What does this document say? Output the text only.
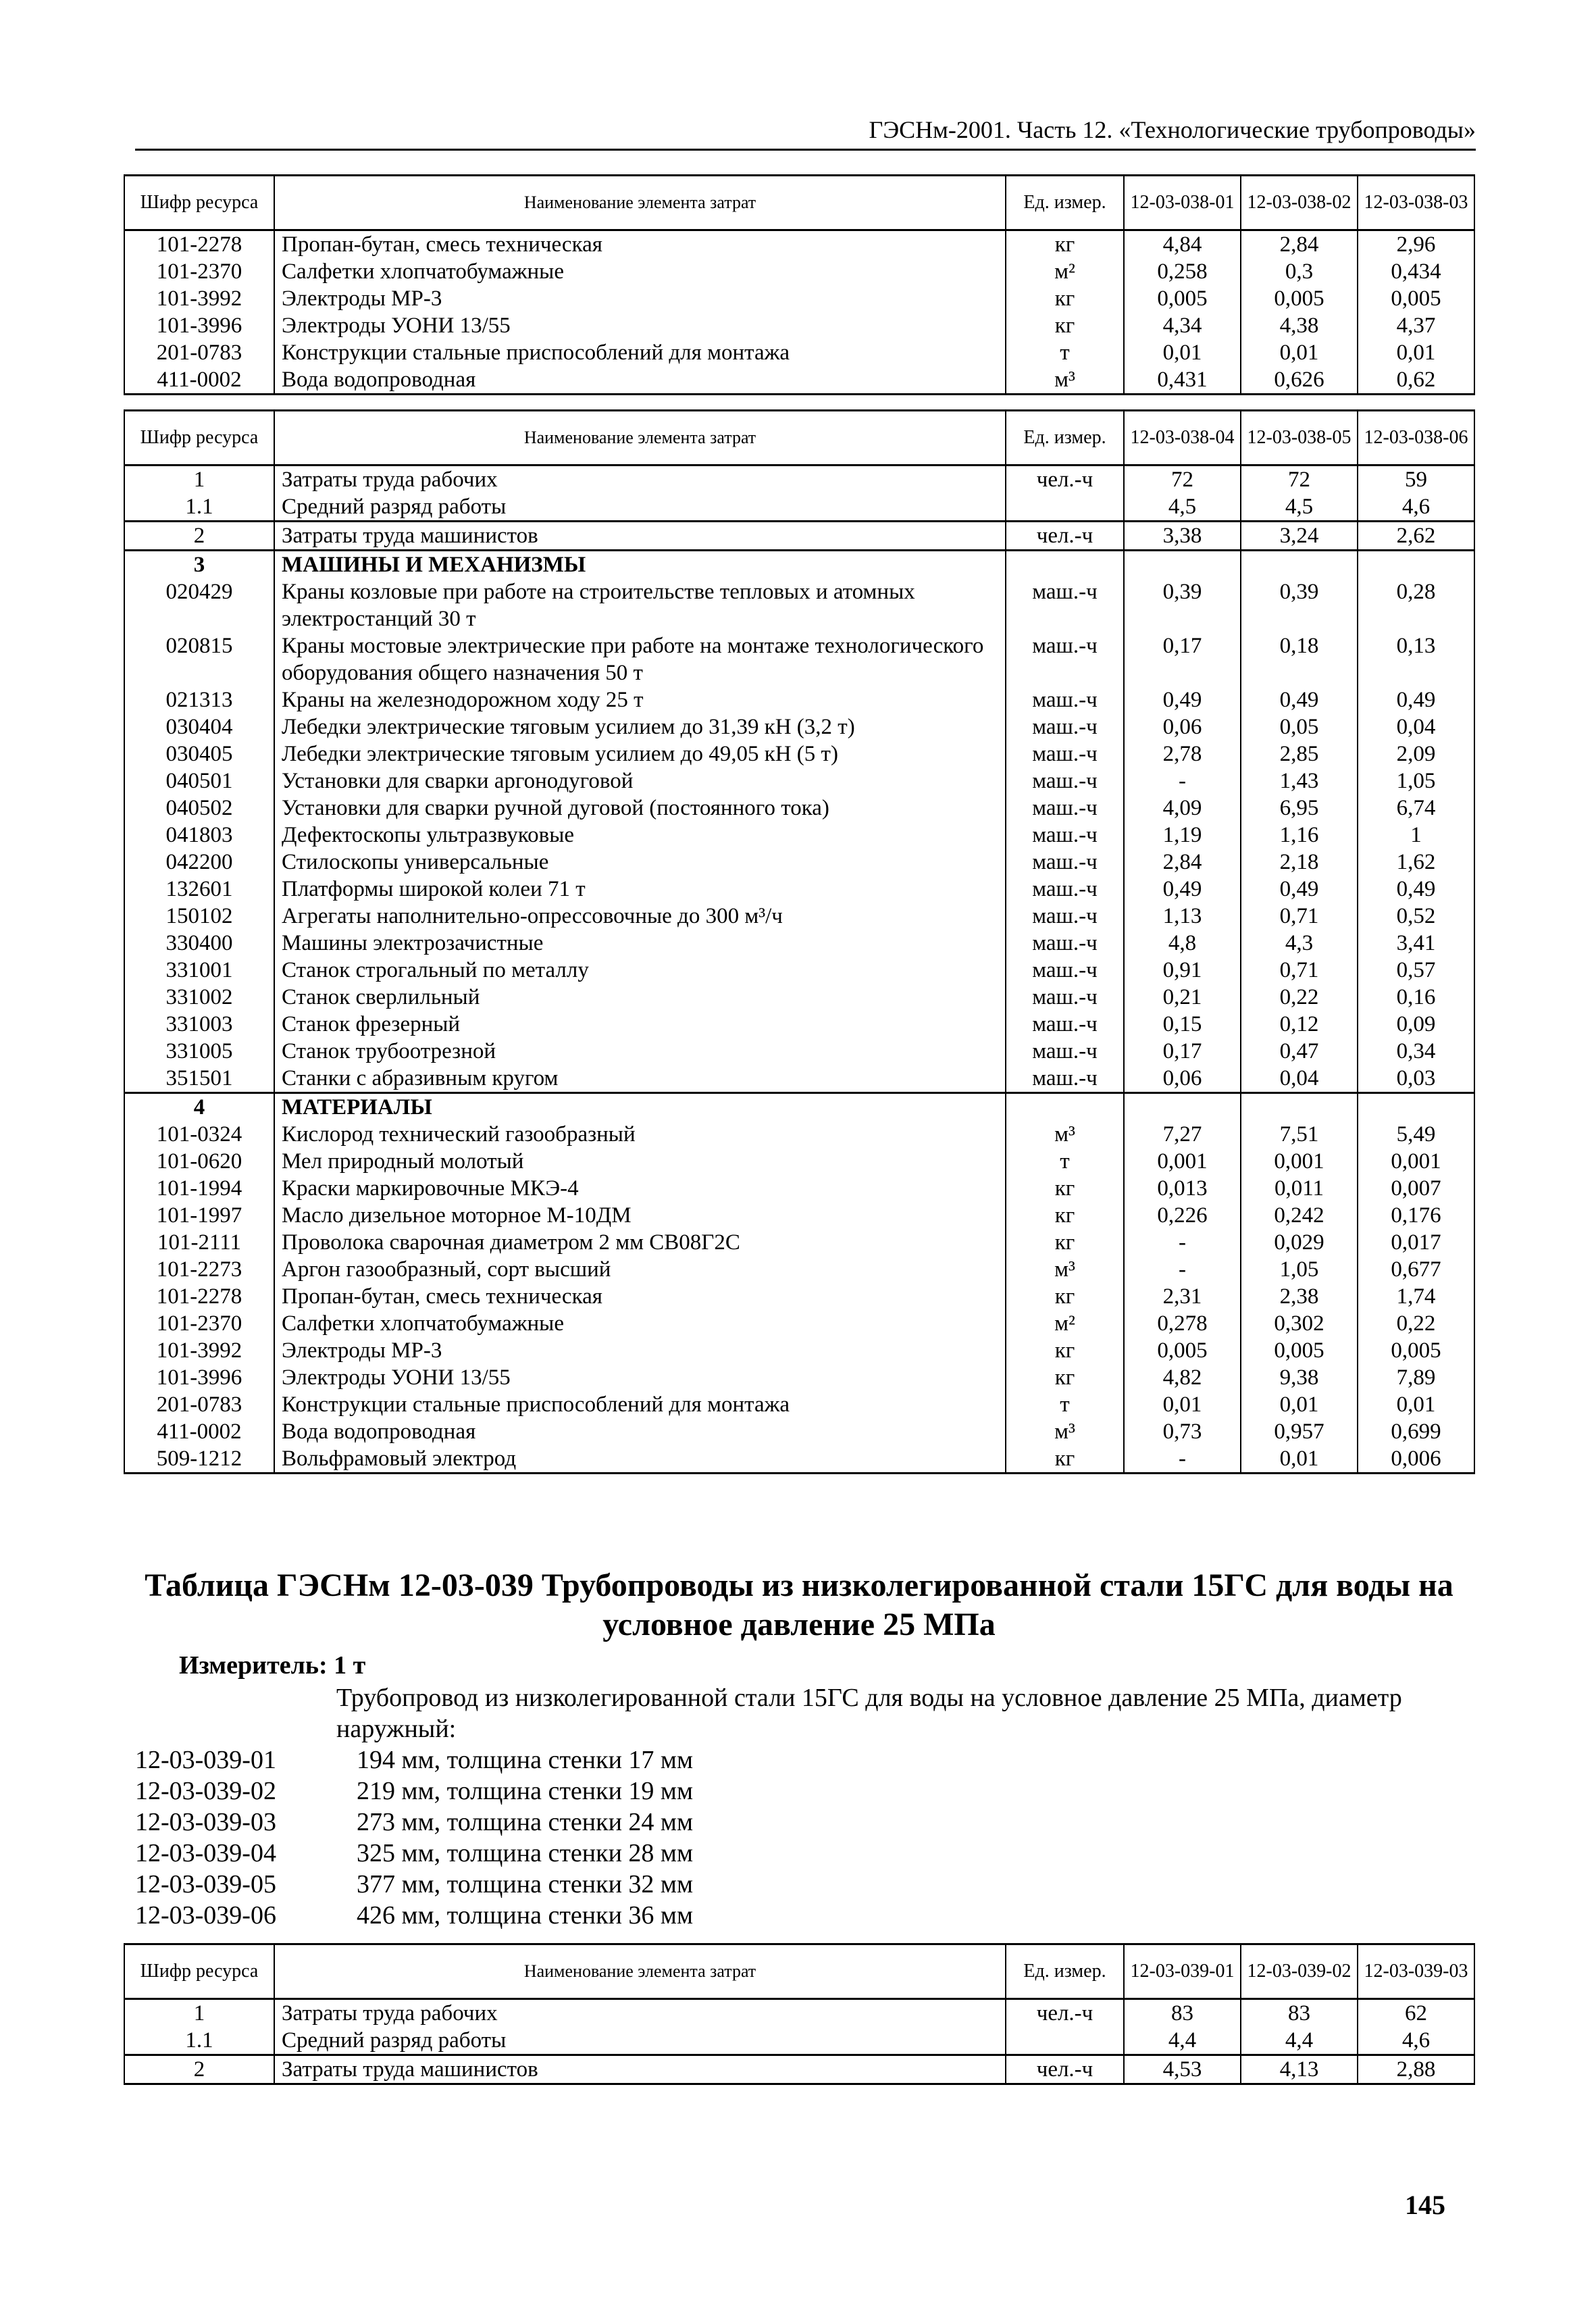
ГЭСНм-2001. Часть 12. «Технологические трубопроводы»
Шифр ресурса	Наименование элемента затрат	Ед. измер.	12-03-038-01	12-03-038-02	12-03-038-03
101-2278	Пропан-бутан, смесь техническая	кг	4,84	2,84	2,96
101-2370	Салфетки хлопчатобумажные	м²	0,258	0,3	0,434
101-3992	Электроды МР-3	кг	0,005	0,005	0,005
101-3996	Электроды УОНИ 13/55	кг	4,34	4,38	4,37
201-0783	Конструкции стальные приспособлений для монтажа	т	0,01	0,01	0,01
411-0002	Вода водопроводная	м³	0,431	0,626	0,62
Шифр ресурса	Наименование элемента затрат	Ед. измер.	12-03-038-04	12-03-038-05	12-03-038-06
1	Затраты труда рабочих	чел.-ч	72	72	59
1.1	Средний разряд работы		4,5	4,5	4,6
2	Затраты труда машинистов	чел.-ч	3,38	3,24	2,62
3	МАШИНЫ И МЕХАНИЗМЫ				
020429	Краны козловые при работе на строительстве тепловых и атомных электростанций 30 т	маш.-ч	0,39	0,39	0,28
020815	Краны мостовые электрические при работе на монтаже технологического оборудования общего назначения 50 т	маш.-ч	0,17	0,18	0,13
021313	Краны на железнодорожном ходу 25 т	маш.-ч	0,49	0,49	0,49
030404	Лебедки электрические тяговым усилием до 31,39 кН (3,2 т)	маш.-ч	0,06	0,05	0,04
030405	Лебедки электрические тяговым усилием до 49,05 кН (5 т)	маш.-ч	2,78	2,85	2,09
040501	Установки для сварки аргонодуговой	маш.-ч	-	1,43	1,05
040502	Установки для сварки ручной дуговой (постоянного тока)	маш.-ч	4,09	6,95	6,74
041803	Дефектоскопы ультразвуковые	маш.-ч	1,19	1,16	1
042200	Стилоскопы универсальные	маш.-ч	2,84	2,18	1,62
132601	Платформы широкой колеи 71 т	маш.-ч	0,49	0,49	0,49
150102	Агрегаты наполнительно-опрессовочные до 300 м³/ч	маш.-ч	1,13	0,71	0,52
330400	Машины электрозачистные	маш.-ч	4,8	4,3	3,41
331001	Станок строгальный по металлу	маш.-ч	0,91	0,71	0,57
331002	Станок сверлильный	маш.-ч	0,21	0,22	0,16
331003	Станок фрезерный	маш.-ч	0,15	0,12	0,09
331005	Станок трубоотрезной	маш.-ч	0,17	0,47	0,34
351501	Станки с абразивным кругом	маш.-ч	0,06	0,04	0,03
4	МАТЕРИАЛЫ				
101-0324	Кислород технический газообразный	м³	7,27	7,51	5,49
101-0620	Мел природный молотый	т	0,001	0,001	0,001
101-1994	Краски маркировочные МКЭ-4	кг	0,013	0,011	0,007
101-1997	Масло дизельное моторное М-10ДМ	кг	0,226	0,242	0,176
101-2111	Проволока сварочная диаметром 2 мм СВ08Г2С	кг	-	0,029	0,017
101-2273	Аргон газообразный, сорт высший	м³	-	1,05	0,677
101-2278	Пропан-бутан, смесь техническая	кг	2,31	2,38	1,74
101-2370	Салфетки хлопчатобумажные	м²	0,278	0,302	0,22
101-3992	Электроды МР-3	кг	0,005	0,005	0,005
101-3996	Электроды УОНИ 13/55	кг	4,82	9,38	7,89
201-0783	Конструкции стальные приспособлений для монтажа	т	0,01	0,01	0,01
411-0002	Вода водопроводная	м³	0,73	0,957	0,699
509-1212	Вольфрамовый электрод	кг	-	0,01	0,006
Таблица ГЭСНм 12-03-039 Трубопроводы из низколегированной стали 15ГС для воды на условное давление 25 МПа
Измеритель: 1 т
Трубопровод из низколегированной стали 15ГС для воды на условное давление 25 МПа, диаметр наружный:
12-03-039-01	194 мм, толщина стенки 17 мм
12-03-039-02	219 мм, толщина стенки 19 мм
12-03-039-03	273 мм, толщина стенки 24 мм
12-03-039-04	325 мм, толщина стенки 28 мм
12-03-039-05	377 мм, толщина стенки 32 мм
12-03-039-06	426 мм, толщина стенки 36 мм
Шифр ресурса	Наименование элемента затрат	Ед. измер.	12-03-039-01	12-03-039-02	12-03-039-03
1	Затраты труда рабочих	чел.-ч	83	83	62
1.1	Средний разряд работы		4,4	4,4	4,6
2	Затраты труда машинистов	чел.-ч	4,53	4,13	2,88
145
